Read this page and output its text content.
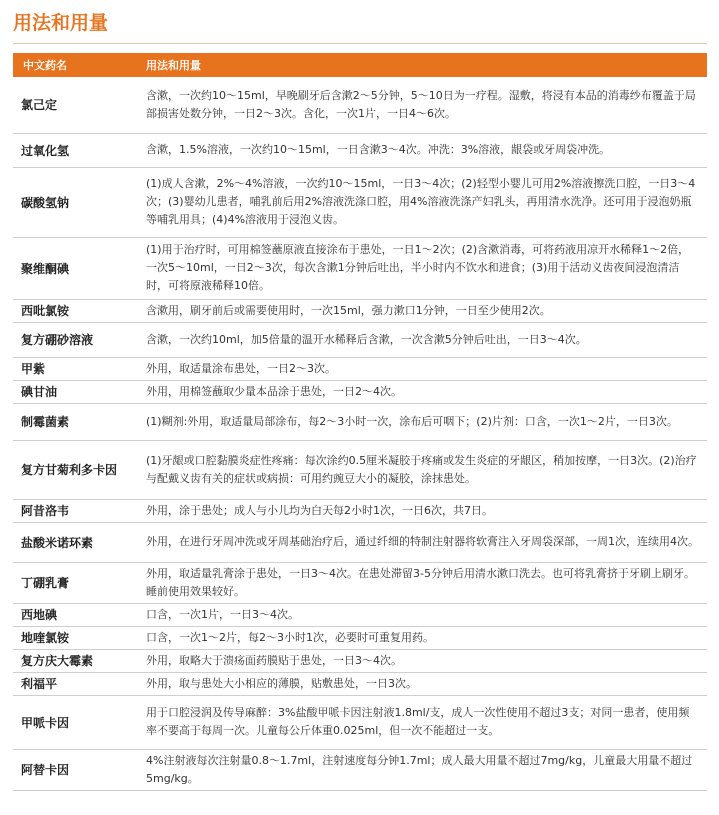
用法和用量
中文药名	用法和用量
氯己定	含漱，一次约10～15ml，早晚刷牙后含漱2～5分钟，5～10日为一疗程。湿敷，将浸有本品的消毒纱布覆盖于局部损害处数分钟，一日2～3次。含化，一次1片，一日4～6次。
过氧化氢	含漱，1.5%溶液，一次约10～15ml，一日含漱3～4次。冲洗：3%溶液，龈袋或牙周袋冲洗。
碳酸氢钠	(1)成人含漱，2%～4%溶液，一次约10～15ml，一日3～4次；(2)轻型小婴儿可用2%溶液擦洗口腔，一日3～4次；(3)婴幼儿患者，哺乳前后用2%溶液洗涤口腔，用4%溶液洗涤产妇乳头，再用清水洗净。还可用于浸泡奶瓶等哺乳用具；(4)4%溶液用于浸泡义齿。
聚维酮碘	(1)用于治疗时，可用棉签蘸原液直接涂布于患处，一日1～2次；(2)含漱消毒，可将药液用凉开水稀释1～2倍，一次5～10ml，一日2～3次，每次含漱1分钟后吐出，半小时内不饮水和进食；(3)用于活动义齿夜间浸泡清洁时，可将原液稀释10倍。
西吡氯铵	含漱用，刷牙前后或需要使用时，一次15ml，强力漱口1分钟，一日至少使用2次。
复方硼砂溶液	含漱，一次约10ml，加5倍量的温开水稀释后含漱，一次含漱5分钟后吐出，一日3～4次。
甲紫	外用，取适量涂布患处，一日2～3次。
碘甘油	外用，用棉签蘸取少量本品涂于患处，一日2～4次。
制霉菌素	(1)糊剂:外用，取适量局部涂布，每2～3小时一次，涂布后可咽下；(2)片剂：口含，一次1～2片，一日3次。
复方甘菊利多卡因	(1)牙龈或口腔黏膜炎症性疼痛：每次涂约0.5厘米凝胶于疼痛或发生炎症的牙龈区，稍加按摩，一日3次。(2)治疗与配戴义齿有关的症状或病损：可用约豌豆大小的凝胶，涂抹患处。
阿昔洛韦	外用，涂于患处；成人与小儿均为白天每2小时1次，一日6次，共7日。
盐酸米诺环素	外用，在进行牙周冲洗或牙周基础治疗后，通过纤细的特制注射器将软膏注入牙周袋深部，一周1次，连续用4次。
丁硼乳膏	外用，取适量乳膏涂于患处，一日3～4次。在患处滞留3-5分钟后用清水漱口洗去。也可将乳膏挤于牙刷上刷牙。睡前使用效果较好。
西地碘	口含，一次1片，一日3～4次。
地喹氯铵	口含，一次1～2片，每2～3小时1次，必要时可重复用药。
复方庆大霉素	外用，取略大于溃疡面药膜贴于患处，一日3～4次。
利福平	外用，取与患处大小相应的薄膜，贴敷患处，一日3次。
甲哌卡因	用于口腔浸润及传导麻醉：3%盐酸甲哌卡因注射液1.8ml/支，成人一次性使用不超过3支；对同一患者，使用频率不要高于每周一次。儿童每公斤体重0.025ml，但一次不能超过一支。
阿替卡因	4%注射液每次注射量0.8～1.7ml，注射速度每分钟1.7ml；成人最大用量不超过7mg/kg，儿童最大用量不超过5mg/kg。
